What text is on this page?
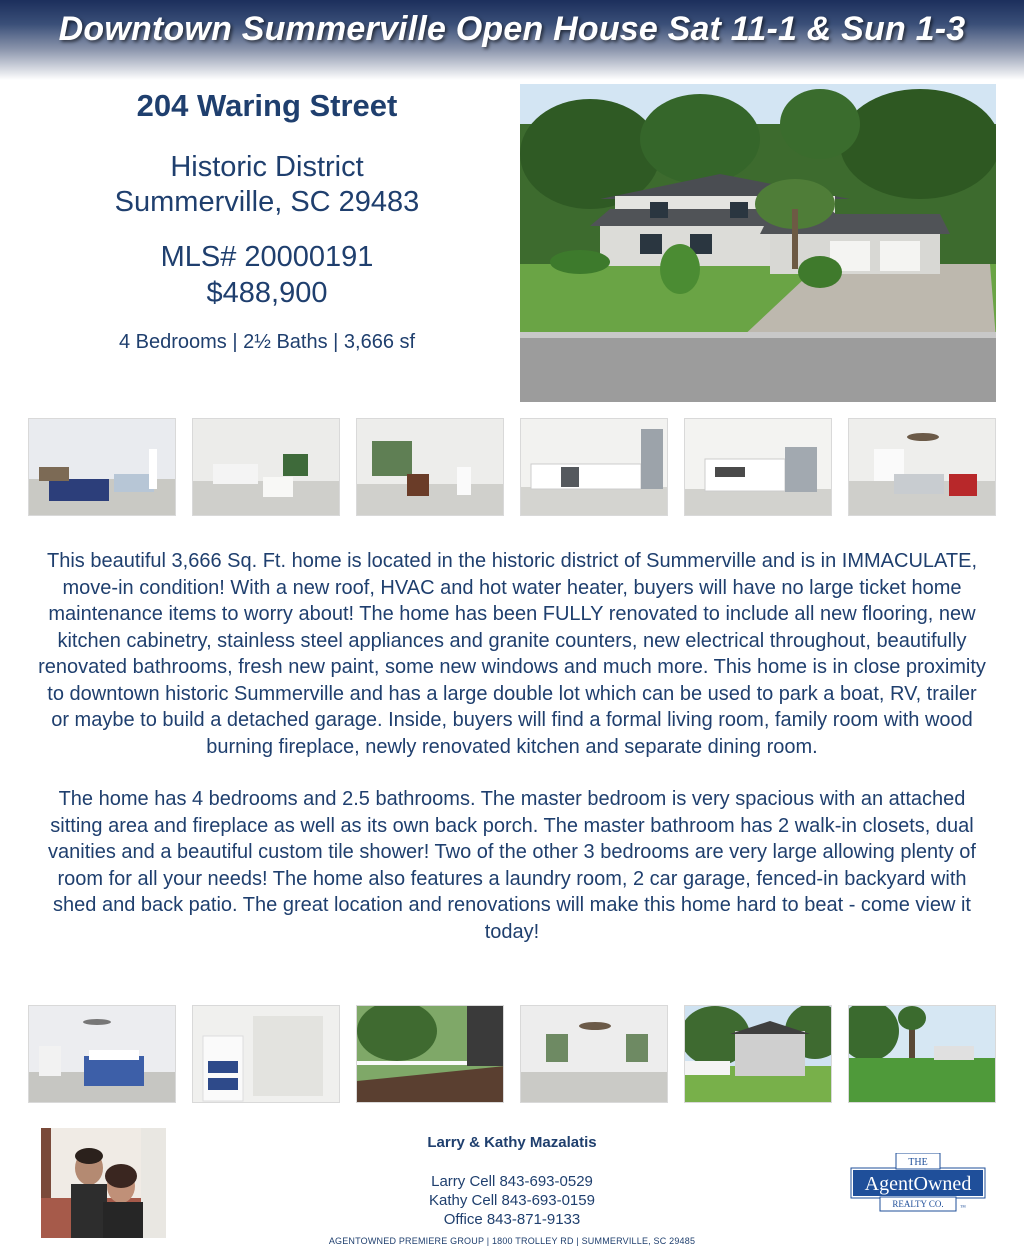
Downtown Summerville Open House Sat 11-1 & Sun 1-3
204 Waring Street
Historic District
Summerville, SC 29483
MLS# 20000191
$488,900
4 Bedrooms | 2½ Baths | 3,666 sf

This beautiful 3,666 Sq. Ft. home is located in the historic district of Summerville and is in IMMACULATE, move-in condition! With a new roof, HVAC and hot water heater, buyers will have no large ticket home maintenance items to worry about! The home has been FULLY renovated to include all new flooring, new kitchen cabinetry, stainless steel appliances and granite counters, new electrical throughout, beautifully renovated bathrooms, fresh new paint, some new windows and much more. This home is in close proximity to downtown historic Summerville and has a large double lot which can be used to park a boat, RV, trailer or maybe to build a detached garage. Inside, buyers will find a formal living room, family room with wood burning fireplace, newly renovated kitchen and separate dining room.

The home has 4 bedrooms and 2.5 bathrooms. The master bedroom is very spacious with an attached sitting area and fireplace as well as its own back porch. The master bathroom has 2 walk-in closets, dual vanities and a beautiful custom tile shower! Two of the other 3 bedrooms are very large allowing plenty of room for all your needs! The home also features a laundry room, 2 car garage, fenced-in backyard with shed and back patio. The great location and renovations will make this home hard to beat - come view it today!

Larry & Kathy Mazalatis
Larry Cell 843-693-0529
Kathy Cell 843-693-0159
Office 843-871-9133
THE
AgentOwned
REALTY CO.	™
AGENTOWNED PREMIERE GROUP | 1800 TROLLEY RD | SUMMERVILLE, SC 29485
